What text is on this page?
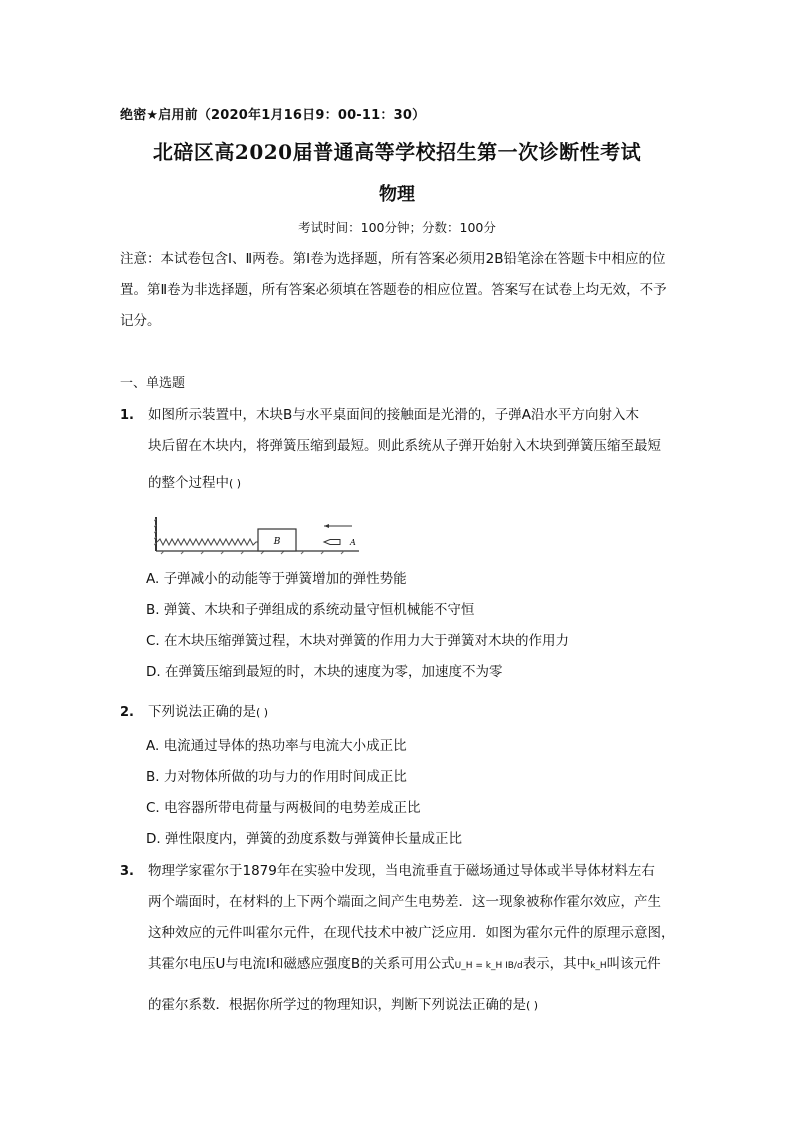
绝密★启用前（2020年1月16日9：00-11：30）
北碚区高2020届普通高等学校招生第一次诊断性考试
物理
考试时间：100分钟；分数：100分
注意：本试卷包含Ⅰ、Ⅱ两卷。第Ⅰ卷为选择题，所有答案必须用2B铅笔涂在答题卡中相应的位置。第Ⅱ卷为非选择题，所有答案必须填在答题卷的相应位置。答案写在试卷上均无效，不予记分。
一、单选题
1. 如图所示装置中，木块B与水平桌面间的接触面是光滑的，子弹A沿水平方向射入木
块后留在木块内，将弹簧压缩到最短。则此系统从子弹开始射入木块到弹簧压缩至最短
的整个过程中( )
B	A
A. 子弹减小的动能等于弹簧增加的弹性势能
B. 弹簧、木块和子弹组成的系统动量守恒机械能不守恒
C. 在木块压缩弹簧过程，木块对弹簧的作用力大于弹簧对木块的作用力
D. 在弹簧压缩到最短的时，木块的速度为零，加速度不为零
2. 下列说法正确的是( )
A. 电流通过导体的热功率与电流大小成正比
B. 力对物体所做的功与力的作用时间成正比
C. 电容器所带电荷量与两极间的电势差成正比
D. 弹性限度内，弹簧的劲度系数与弹簧伸长量成正比
3. 物理学家霍尔于1879年在实验中发现，当电流垂直于磁场通过导体或半导体材料左右
两个端面时，在材料的上下两个端面之间产生电势差．这一现象被称作霍尔效应，产生
这种效应的元件叫霍尔元件，在现代技术中被广泛应用．如图为霍尔元件的原理示意图，
其霍尔电压U与电流I和磁感应强度B的关系可用公式U_H = k_H IB/d表示，其中k_H叫该元件
的霍尔系数．根据你所学过的物理知识，判断下列说法正确的是( )
